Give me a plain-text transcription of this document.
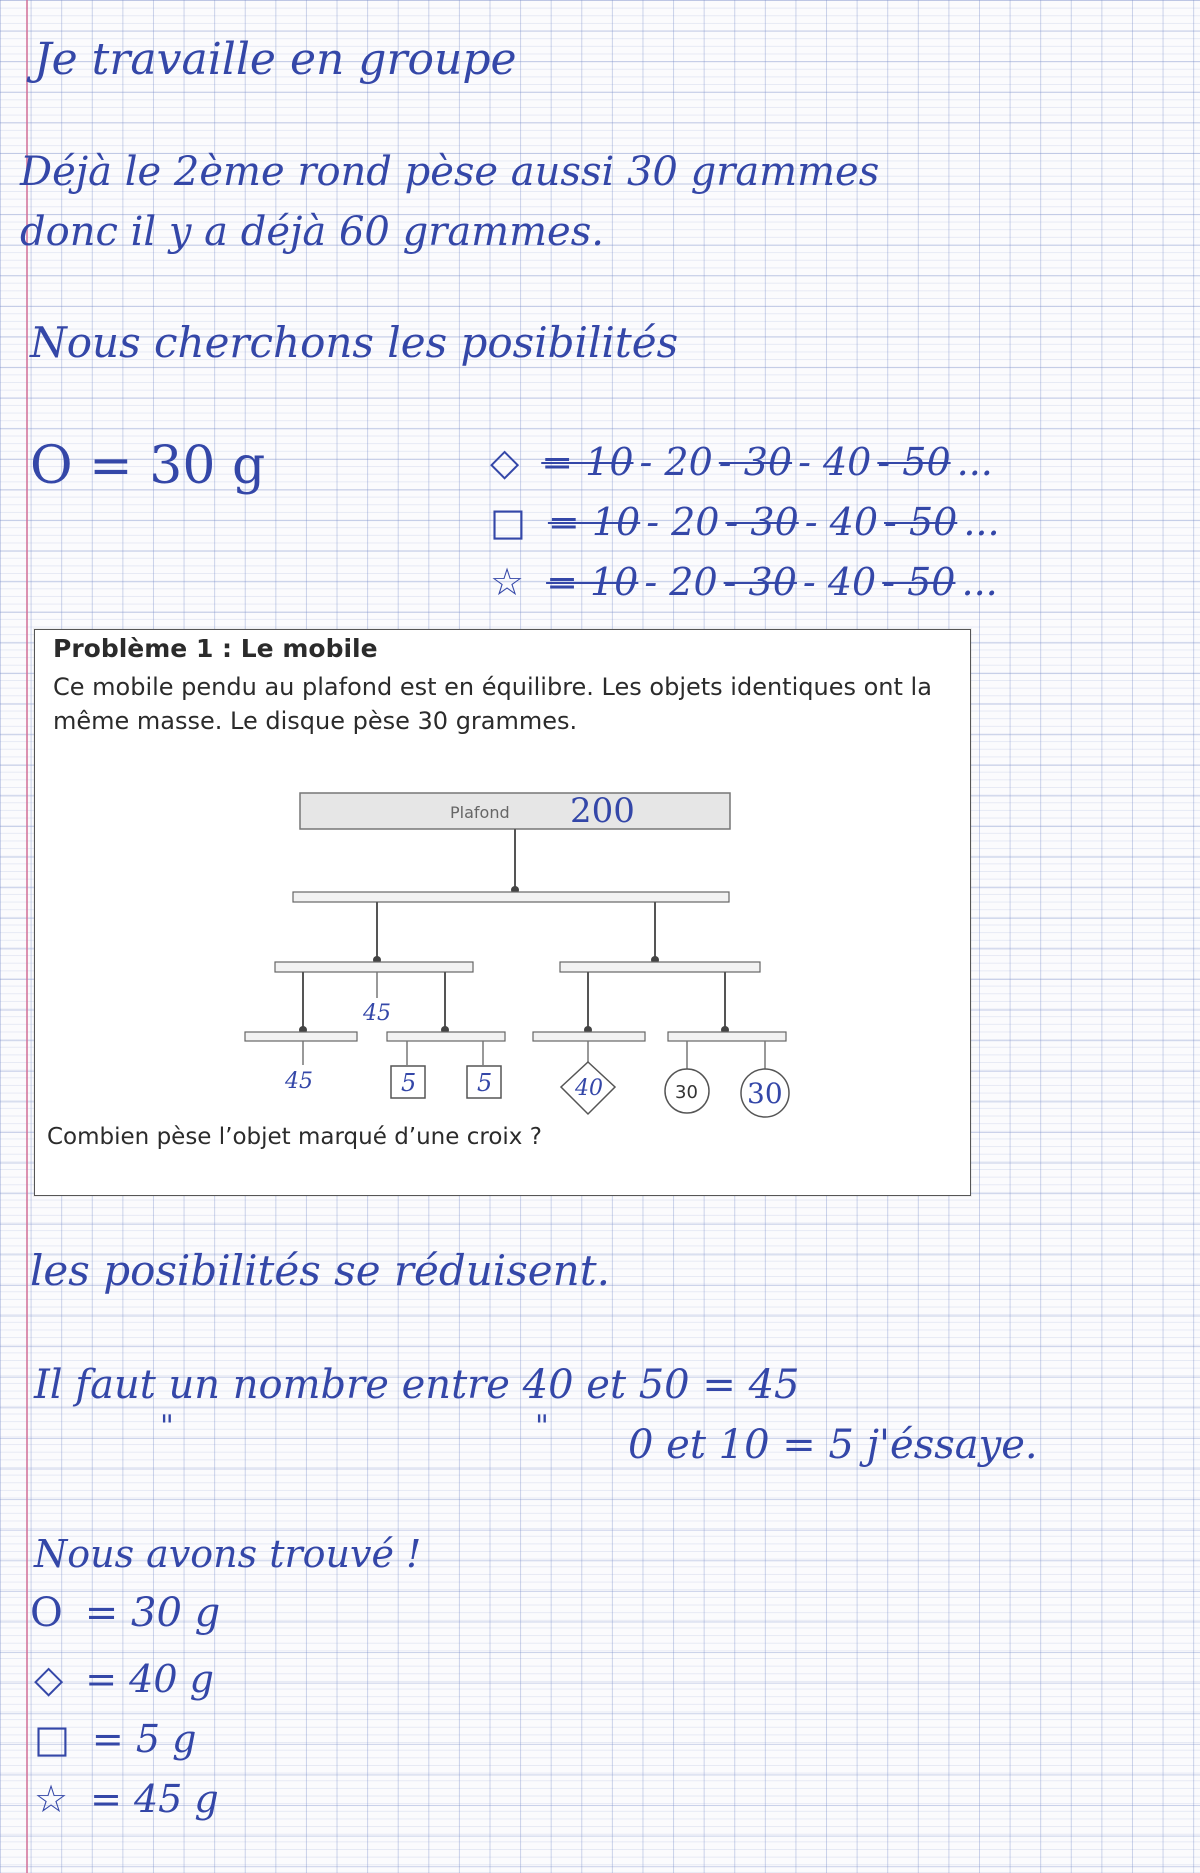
Je travaille en groupe
Déjà le 2ème rond pèse aussi 30 grammes
donc il y a déjà 60 grammes.
Nous cherchons les posibilités
O = 30 g	◇ = 10 - 20 - 30 - 40 - 50 ...
□ = 10 - 20 - 30 - 40 - 50 ...
☆ = 10 - 20 - 30 - 40 - 50 ...
Problème 1 : Le mobile
Ce mobile pendu au plafond est en équilibre. Les objets identiques ont la même masse. Le disque pèse 30 grammes.
Plafond 200
45
45	5	5	40	30 30
Combien pèse l’objet marqué d’une croix ?
les posibilités se réduisent.
Il faut un nombre entre 40 et 50 = 45
"	" 0 et 10 = 5 j'éssaye.
Nous avons trouvé !
O = 30 g
◇ = 40 g
□ = 5 g
☆ = 45 g
